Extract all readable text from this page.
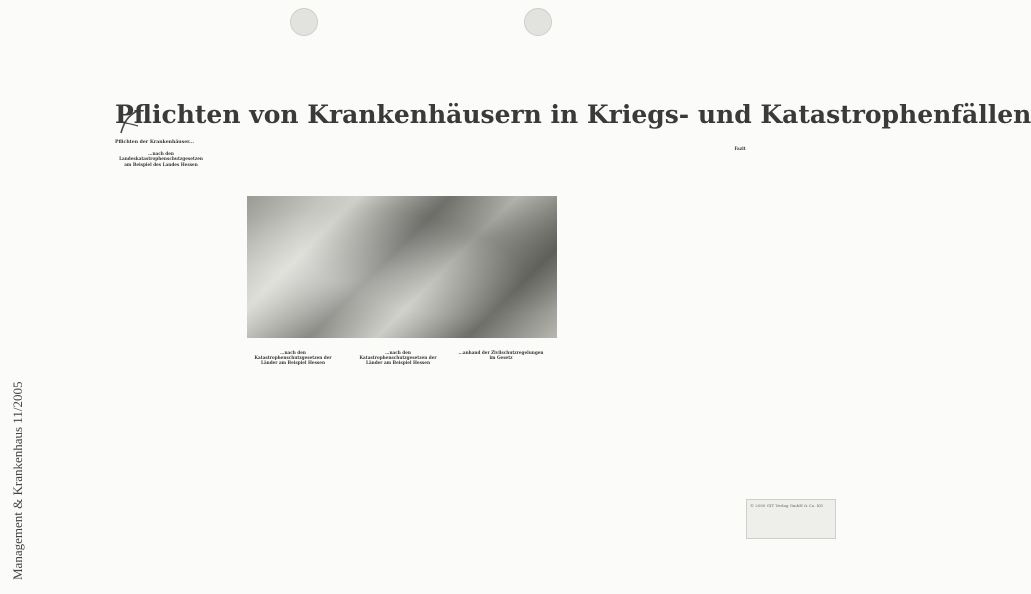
Management & Krankenhaus 11/2005
Pflichten von Krankenhäusern in Kriegs- und Katastrophenfällen
Pflichten der Krankenhäuser...
...nach den Landeskatastrophenschutzgesetzen am Beispiel des Landes Hessen
...nach den Katastrophenschutzgesetzen der Länder am Beispiel Hessen
...nach den Katastrophenschutzgesetzen der Länder am Beispiel Hessen
...anhand der Zivilschutzregelungen im Gesetz
Fazit
© 2005 GIT Verlag GmbH & Co. KG
